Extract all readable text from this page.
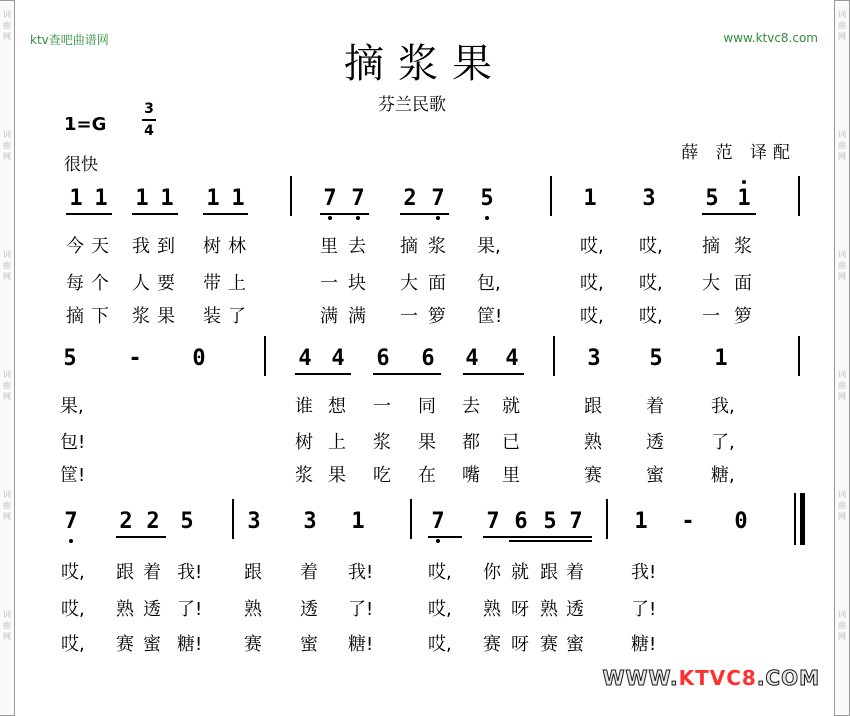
词
曲
网
词
曲
网
词
曲
网
词
曲
网
词
曲
网
词
曲
网
词
曲
网
词
曲
网
词
曲
网
词
曲
网
词
曲
网
词
曲
网
ktv查吧曲谱网	www.ktvc8.com
摘浆果
芬兰民歌
1=G
3
4
很快
薛 范 译配
1 1	1 1	1 1	7 7	2 7	5	1	3	5 1
今 天 我 到 树 林	里 去 摘 浆 果,	哎, 哎, 摘 浆
每 个 人 要 带 上	一 块 大 面 包,	哎, 哎, 大 面
摘 下 浆 果 装 了	满 满 一 箩 筐!	哎, 哎, 一 箩
5	-	0	4 4	6	6	4	4	3	5	1
果,	谁 想 一 同 去 就	跟 着	我,
包!	树 上 浆 果 都 已	熟 透	了,
筐!	浆 果 吃 在 嘴 里	赛 蜜	糖,
7	2 2 5	3	3	1	7	7 6 5 7	1	-	0
哎, 跟 着 我! 跟 着 我!	哎, 你 就 跟 着	我!
哎, 熟 透 了! 熟 透 了!	哎, 熟 呀 熟 透	了!
哎, 赛 蜜 糖! 赛 蜜 糖!	哎, 赛 呀 赛 蜜	糖!
WWW.KTVC8.COM
